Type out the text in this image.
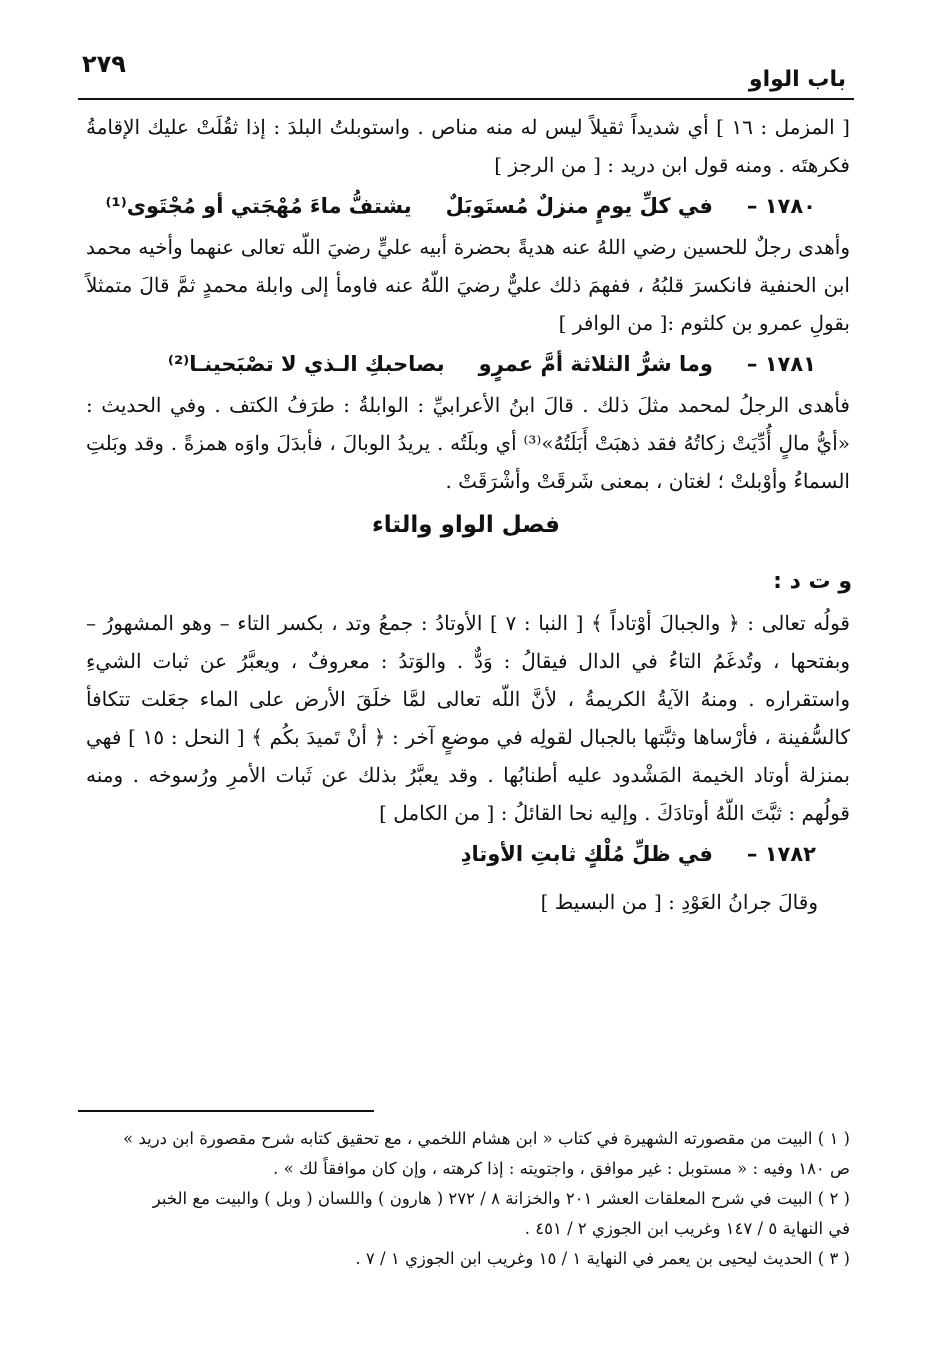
باب الواو
٢٧٩

[ المزمل : ١٦ ] أي شديداً ثقيلاً ليس له منه مناص . واستوبلتُ البلدَ : إذا ثقُلَتْ عليك الإقامةُ فكرهتَه . ومنه قول ابن دريد : [ من الرجز ]

١٧٨٠ –
في كلِّ يومٍ منزلٌ مُستَوبَلٌ
يشتفُّ ماءَ مُهْجَتي أو مُجْتَوى⁽¹⁾

وأهدى رجلٌ للحسين رضي اللهُ عنه هديةً بحضرة أبيه عليٍّ رضيَ اللّه تعالى عنهما وأخيه محمد ابن الحنفية فانكسرَ قلبُهُ ، ففهمَ ذلك عليٌّ رضيَ اللّهُ عنه فاومأ إلى وابلة محمدٍ ثمَّ قالَ متمثلاً بقولِ عمرو بن كلثوم :[ من الوافر ]

١٧٨١ –
وما شرُّ الثلاثة أمَّ عمرٍو
بصاحبكِ الـذي لا تصْبَحينـا⁽²⁾

فأهدى الرجلُ لمحمد مثلَ ذلك . قالَ ابنُ الأعرابيِّ : الوابلةُ : طرَفُ الكتف . وفي الحديث : «أيُّ مالٍ أُدِّيَتْ زكاتُهُ فقد ذهبَتْ أَبَلَتُهُ»⁽³⁾ أي وبلَتُه . يريدُ الوبالَ ، فأبدَلَ واوَه همزةً . وقد وبَلتِ السماءُ وأوْبلتْ ؛ لغتان ، بمعنى شَرقَتْ وأشْرَقَتْ .

فصل الواو والتاء
و ت د :

قولُه تعالى : ﴿ والجبالَ أوْتاداً ﴾ [ النبا : ٧ ] الأوتادُ : جمعُ وتد ، بكسر التاء – وهو المشهورُ – وبفتحها ، وتُدغَمُ التاءُ في الدال فيقالُ : وَدٌّ . والوَتدُ : معروفٌ ، ويعبَّرُ عن ثبات الشيءِ واستقراره . ومنهُ الآيةُ الكريمةُ ، لأنَّ اللّه تعالى لمَّا خلَقَ الأرض على الماء جعَلت تتكافأ كالسُّفينة ، فأرْساها وثبَّتها بالجبال لقولِه في موضعٍ آخر : ﴿ أنْ تَميدَ بكُم ﴾ [ النحل : ١٥ ] فهي بمنزلة أوتاد الخيمة المَشْدود عليه أطنابُها . وقد يعبَّرُ بذلك عن ثَبات الأمرِ ورُسوخه . ومنه قولُهم : ثبَّتَ اللّهُ أوتادَكَ . وإليه نحا القائلُ : [ من الكامل ]

١٧٨٢ –
في ظلِّ مُلْكٍ ثابتِ الأوتادِ
وقالَ جرانُ العَوْدِ : [ من البسيط ]

( ١ ) البيت من مقصورته الشهيرة في كتاب « ابن هشام اللخمي ، مع تحقيق كتابه شرح مقصورة ابن دريد »
ص ١٨٠ وفيه : « مستوبل : غير موافق ، واجتويته : إذا كرهته ، وإن كان موافقاً لك » .

( ٢ ) البيت في شرح المعلقات العشر ٢٠١ والخزانة ٨ / ٢٧٢ ( هارون ) واللسان ( وبل ) والبيت مع الخبر
في النهاية ٥ / ١٤٧ وغريب ابن الجوزي ٢ / ٤٥١ .

( ٣ ) الحديث ليحيى بن يعمر في النهاية ١ / ١٥ وغريب ابن الجوزي ١ / ٧ .
